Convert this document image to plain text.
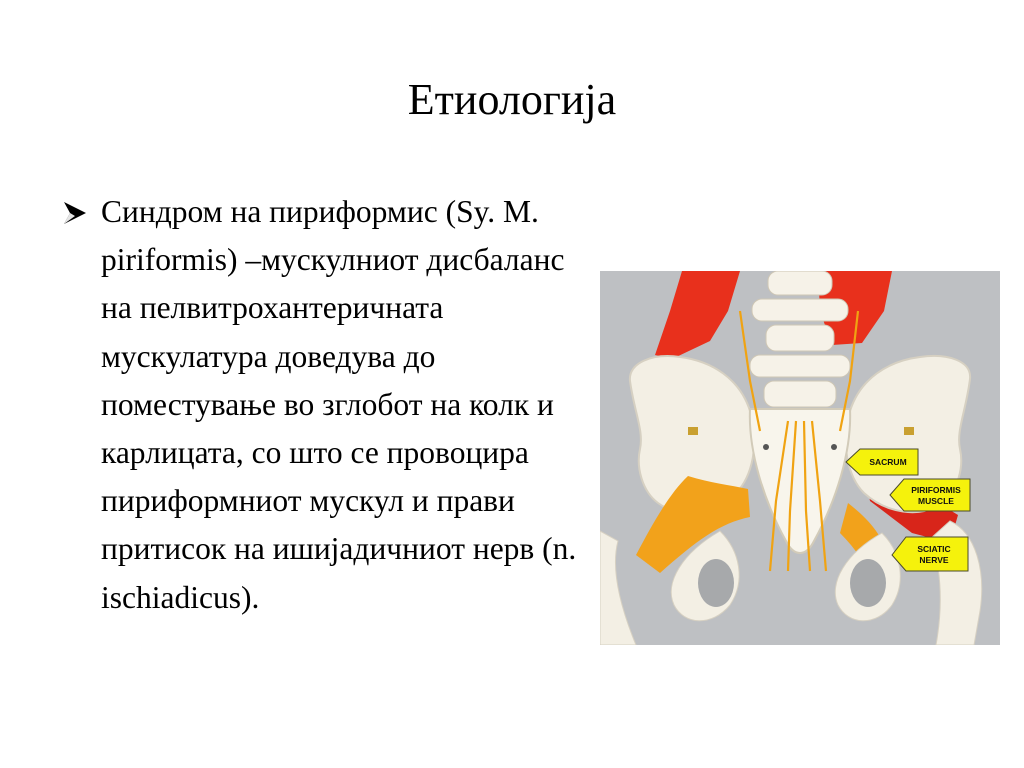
Етиологија

Синдром на пириформис (Sy. M. piriformis) –мускулниот дисбаланс на пелвитрохантеричната мускулатура доведува до поместување во зглобот на колк и карлицата, со што се провоцира пириформниот мускул и прави притисок на ишијадичниот нерв (n. ischiadicus).

SACRUM
PIRIFORMIS
MUSCLE
SCIATIC
NERVE
